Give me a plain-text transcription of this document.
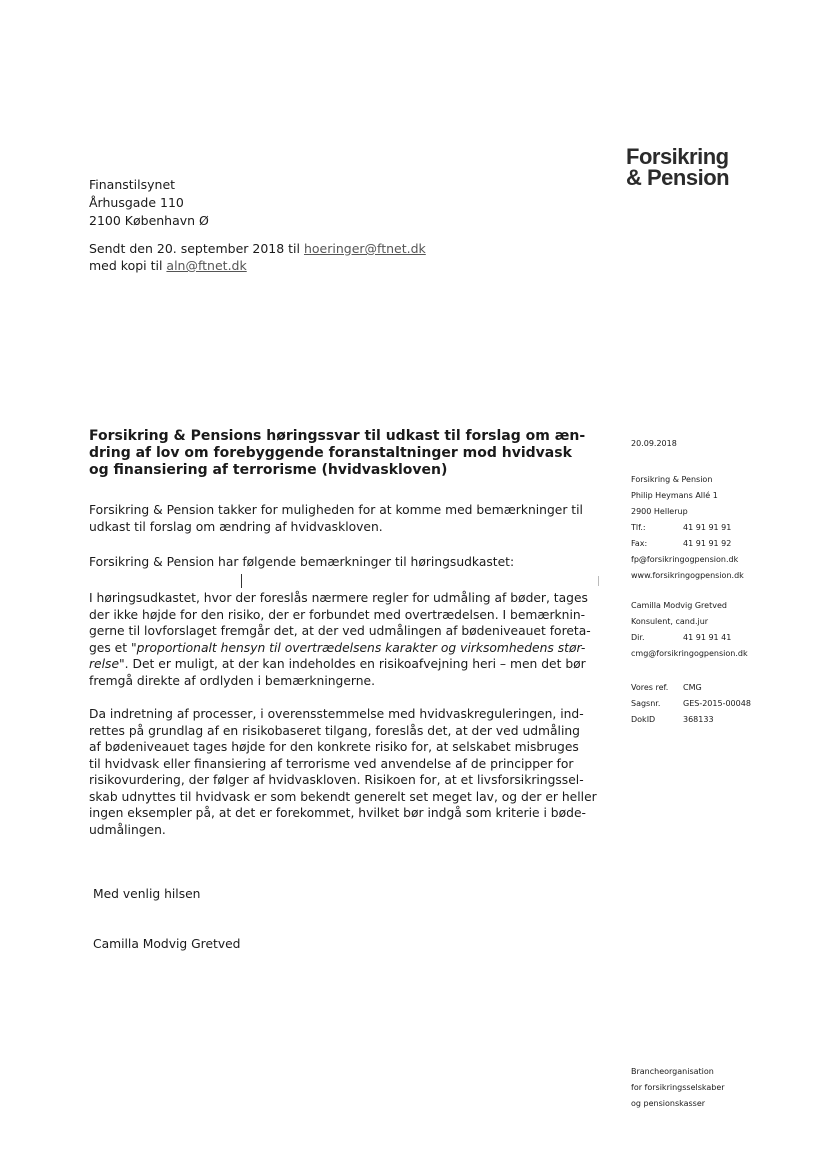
Forsikring
& Pension
Finanstilsynet
Århusgade 110
2100 København Ø
Sendt den 20. september 2018 til hoeringer@ftnet.dk
med kopi til aln@ftnet.dk
Forsikring & Pensions høringssvar til udkast til forslag om æn-
dring af lov om forebyggende foranstaltninger mod hvidvask
og finansiering af terrorisme (hvidvaskloven)
Forsikring & Pension takker for muligheden for at komme med bemærkninger til
udkast til forslag om ændring af hvidvaskloven.
Forsikring & Pension har følgende bemærkninger til høringsudkastet:
I høringsudkastet, hvor der foreslås nærmere regler for udmåling af bøder, tages
der ikke højde for den risiko, der er forbundet med overtrædelsen. I bemærknin-
gerne til lovforslaget fremgår det, at der ved udmålingen af bødeniveauet foreta-
ges et "proportionalt hensyn til overtrædelsens karakter og virksomhedens stør-
relse". Det er muligt, at der kan indeholdes en risikoafvejning heri – men det bør
fremgå direkte af ordlyden i bemærkningerne.
Da indretning af processer, i overensstemmelse med hvidvaskreguleringen, ind-
rettes på grundlag af en risikobaseret tilgang, foreslås det, at der ved udmåling
af bødeniveauet tages højde for den konkrete risiko for, at selskabet misbruges
til hvidvask eller finansiering af terrorisme ved anvendelse af de principper for
risikovurdering, der følger af hvidvaskloven. Risikoen for, at et livsforsikringssel-
skab udnyttes til hvidvask er som bekendt generelt set meget lav, og der er heller
ingen eksempler på, at det er forekommet, hvilket bør indgå som kriterie i bøde-
udmålingen.
Med venlig hilsen
Camilla Modvig Gretved
20.09.2018
Forsikring & Pension
Philip Heymans Allé 1
2900 Hellerup
Tlf.:	41 91 91 91
Fax:	41 91 91 92
fp@forsikringogpension.dk
www.forsikringogpension.dk
Camilla Modvig Gretved
Konsulent, cand.jur
Dir.	41 91 91 41
cmg@forsikringogpension.dk
Vores ref.	CMG
Sagsnr.	GES-2015-00048
DokID	368133
Brancheorganisation
for forsikringsselskaber
og pensionskasser
